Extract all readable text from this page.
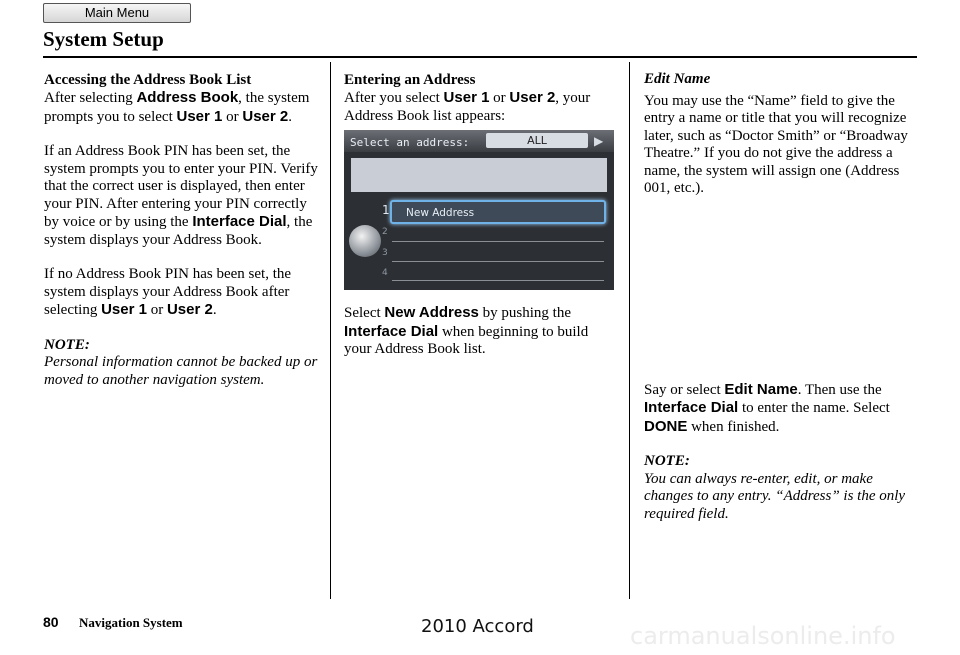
Main Menu
System Setup
Accessing the Address Book List

After selecting Address Book, the system prompts you to select User 1 or User 2.

If an Address Book PIN has been set, the system prompts you to enter your PIN. Verify that the correct user is displayed, then enter your PIN. After entering your PIN correctly by voice or by using the Interface Dial, the system displays your Address Book.

If no Address Book PIN has been set, the system displays your Address Book after selecting User 1 or User 2.

NOTE:
Personal information cannot be backed up or moved to another navigation system.
Entering an Address
After you select User 1 or User 2, your Address Book list appears:
Select an address:	ALL	▶
New Address
1
2
3
4

Select New Address by pushing the Interface Dial when beginning to build your Address Book list.

Edit Name

You may use the “Name” field to give the entry a name or title that you will recognize later, such as “Doctor Smith” or “Broadway Theatre.” If you do not give the address a name, the system will assign one (Address 001, etc.).

Say or select Edit Name. Then use the Interface Dial to enter the name. Select DONE when finished.

NOTE:
You can always re-enter, edit, or make changes to any entry. “Address” is the only required field.
80 Navigation System	2010 Accord	carmanualsonline.info
